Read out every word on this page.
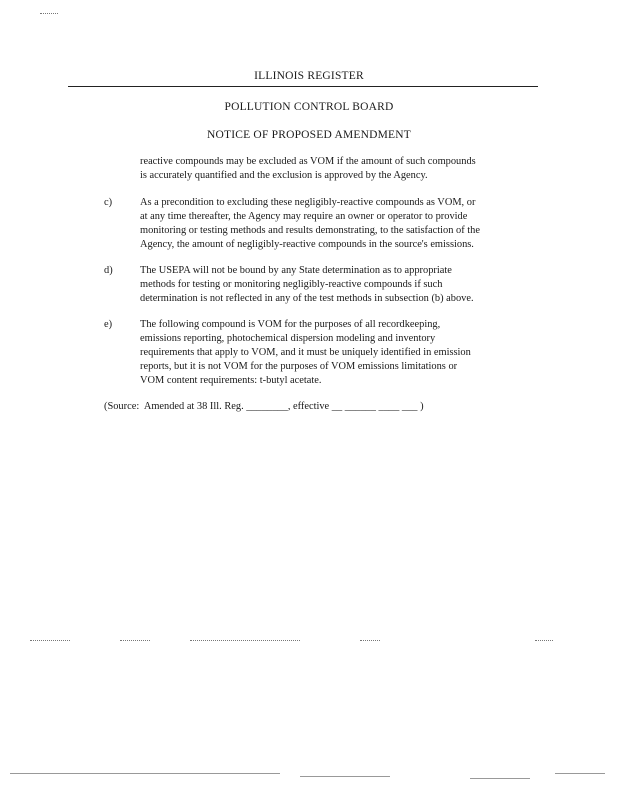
ILLINOIS REGISTER
POLLUTION CONTROL BOARD
NOTICE OF PROPOSED AMENDMENT
reactive compounds may be excluded as VOM if the amount of such compounds
is accurately quantified and the exclusion is approved by the Agency.
c)	As a precondition to excluding these negligibly-reactive compounds as VOM, or
at any time thereafter, the Agency may require an owner or operator to provide
monitoring or testing methods and results demonstrating, to the satisfaction of the
Agency, the amount of negligibly-reactive compounds in the source's emissions.
d)	The USEPA will not be bound by any State determination as to appropriate
methods for testing or monitoring negligibly-reactive compounds if such
determination is not reflected in any of the test methods in subsection (b) above.
e)	The following compound is VOM for the purposes of all recordkeeping,
emissions reporting, photochemical dispersion modeling and inventory
requirements that apply to VOM, and it must be uniquely identified in emission
reports, but it is not VOM for the purposes of VOM emissions limitations or
VOM content requirements: t-butyl acetate.
(Source:  Amended at 38 Ill. Reg. ________, effective __ ______ ____ ___ )
